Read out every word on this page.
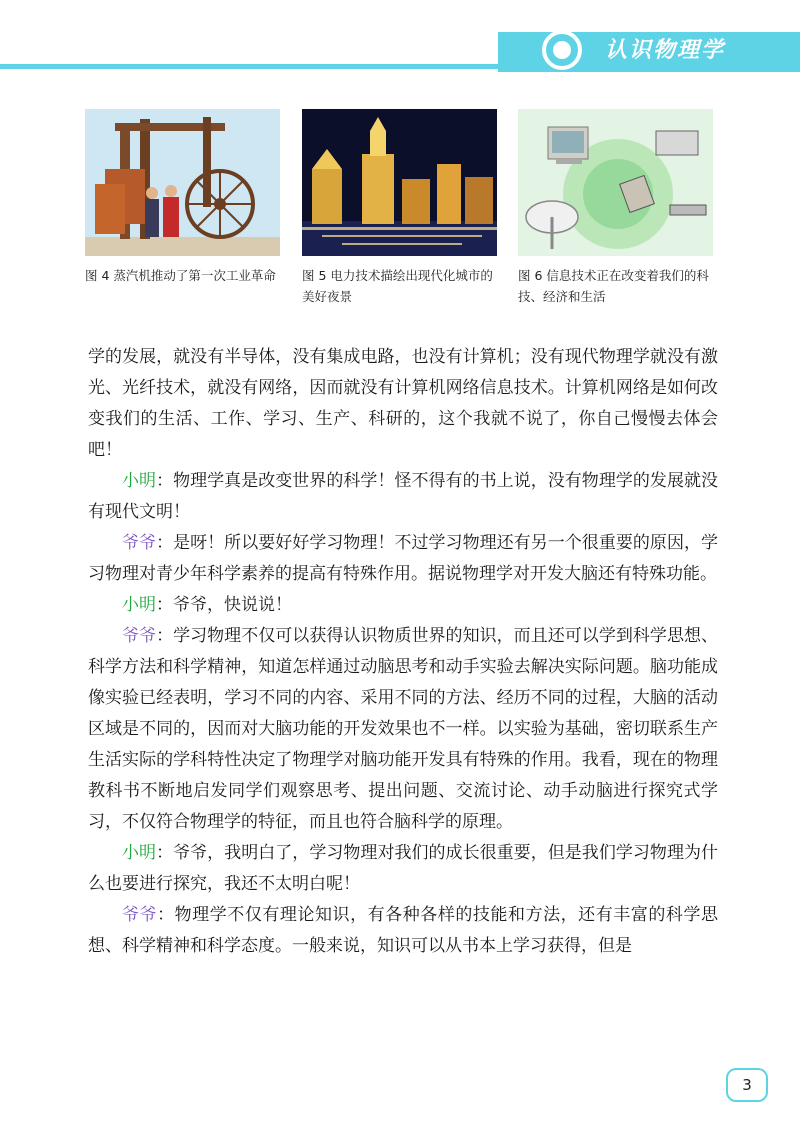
认识物理学
图 4 蒸汽机推动了第一次工业革命	图 5 电力技术描绘出现代化城市的美好夜景
图 6 信息技术正在改变着我们的科技、经济和生活

学的发展，就没有半导体，没有集成电路，也没有计算机；没有现代物理学就没有激光、光纤技术，就没有网络，因而就没有计算机网络信息技术。计算机网络是如何改变我们的生活、工作、学习、生产、科研的，这个我就不说了，你自己慢慢去体会吧！

小明：物理学真是改变世界的科学！怪不得有的书上说，没有物理学的发展就没有现代文明！

爷爷：是呀！所以要好好学习物理！不过学习物理还有另一个很重要的原因，学习物理对青少年科学素养的提高有特殊作用。据说物理学对开发大脑还有特殊功能。

小明：爷爷，快说说！

爷爷：学习物理不仅可以获得认识物质世界的知识，而且还可以学到科学思想、科学方法和科学精神，知道怎样通过动脑思考和动手实验去解决实际问题。脑功能成像实验已经表明，学习不同的内容、采用不同的方法、经历不同的过程，大脑的活动区域是不同的，因而对大脑功能的开发效果也不一样。以实验为基础，密切联系生产生活实际的学科特性决定了物理学对脑功能开发具有特殊的作用。我看，现在的物理教科书不断地启发同学们观察思考、提出问题、交流讨论、动手动脑进行探究式学习，不仅符合物理学的特征，而且也符合脑科学的原理。

小明：爷爷，我明白了，学习物理对我们的成长很重要，但是我们学习物理为什么也要进行探究，我还不太明白呢！

爷爷：物理学不仅有理论知识，有各种各样的技能和方法，还有丰富的科学思想、科学精神和科学态度。一般来说，知识可以从书本上学习获得，但是

3
